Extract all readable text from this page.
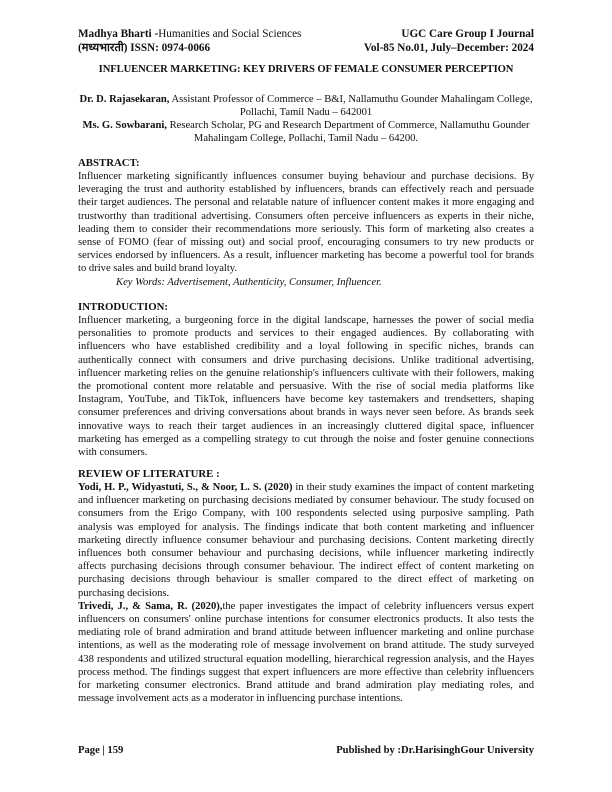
Madhya Bharti -Humanities and Social Sciences	UGC Care Group I Journal
(मध्यभारती) ISSN: 0974-0066	Vol-85 No.01, July–December: 2024
INFLUENCER MARKETING: KEY DRIVERS OF FEMALE CONSUMER PERCEPTION

Dr. D. Rajasekaran, Assistant Professor of Commerce – B&I, Nallamuthu Gounder Mahalingam College, Pollachi, Tamil Nadu – 642001

Ms. G. Sowbarani, Research Scholar, PG and Research Department of Commerce, Nallamuthu Gounder Mahalingam College, Pollachi, Tamil Nadu – 64200.

ABSTRACT:

Influencer marketing significantly influences consumer buying behaviour and purchase decisions. By leveraging the trust and authority established by influencers, brands can effectively reach and persuade their target audiences. The personal and relatable nature of influencer content makes it more engaging and trustworthy than traditional advertising. Consumers often perceive influencers as experts in their niche, leading them to consider their recommendations more seriously. This form of marketing also creates a sense of FOMO (fear of missing out) and social proof, encouraging consumers to try new products or services endorsed by influencers. As a result, influencer marketing has become a powerful tool for brands to drive sales and build brand loyalty.

Key Words: Advertisement, Authenticity, Consumer, Influencer.

INTRODUCTION:

Influencer marketing, a burgeoning force in the digital landscape, harnesses the power of social media personalities to promote products and services to their engaged audiences. By collaborating with influencers who have established credibility and a loyal following in specific niches, brands can authentically connect with consumers and drive purchasing decisions. Unlike traditional advertising, influencer marketing relies on the genuine relationship's influencers cultivate with their followers, making the promotional content more relatable and persuasive. With the rise of social media platforms like Instagram, YouTube, and TikTok, influencers have become key tastemakers and trendsetters, shaping consumer preferences and driving conversations about brands in ways never seen before. As brands seek innovative ways to reach their target audiences in an increasingly cluttered digital space, influencer marketing has emerged as a compelling strategy to cut through the noise and foster genuine connections with consumers.

REVIEW OF LITERATURE :

Yodi, H. P., Widyastuti, S., & Noor, L. S. (2020) in their study examines the impact of content marketing and influencer marketing on purchasing decisions mediated by consumer behaviour. The study focused on consumers from the Erigo Company, with 100 respondents selected using purposive sampling. Path analysis was employed for analysis. The findings indicate that both content marketing and influencer marketing directly influence consumer behaviour and purchasing decisions. Content marketing directly influences both consumer behaviour and purchasing decisions, while influencer marketing indirectly affects purchasing decisions through consumer behaviour. The indirect effect of content marketing on purchasing decisions through behaviour is smaller compared to the direct effect of marketing on purchasing decisions.

Trivedi, J., & Sama, R. (2020),the paper investigates the impact of celebrity influencers versus expert influencers on consumers' online purchase intentions for consumer electronics products. It also tests the mediating role of brand admiration and brand attitude between influencer marketing and online purchase intentions, as well as the moderating role of message involvement on brand attitude. The study surveyed 438 respondents and utilized structural equation modelling, hierarchical regression analysis, and the Hayes process method. The findings suggest that expert influencers are more effective than celebrity influencers for marketing consumer electronics. Brand attitude and brand admiration play mediating roles, and message involvement acts as a moderator in influencing purchase intentions.

Page | 159	Published by :Dr.HarisinghGour University
